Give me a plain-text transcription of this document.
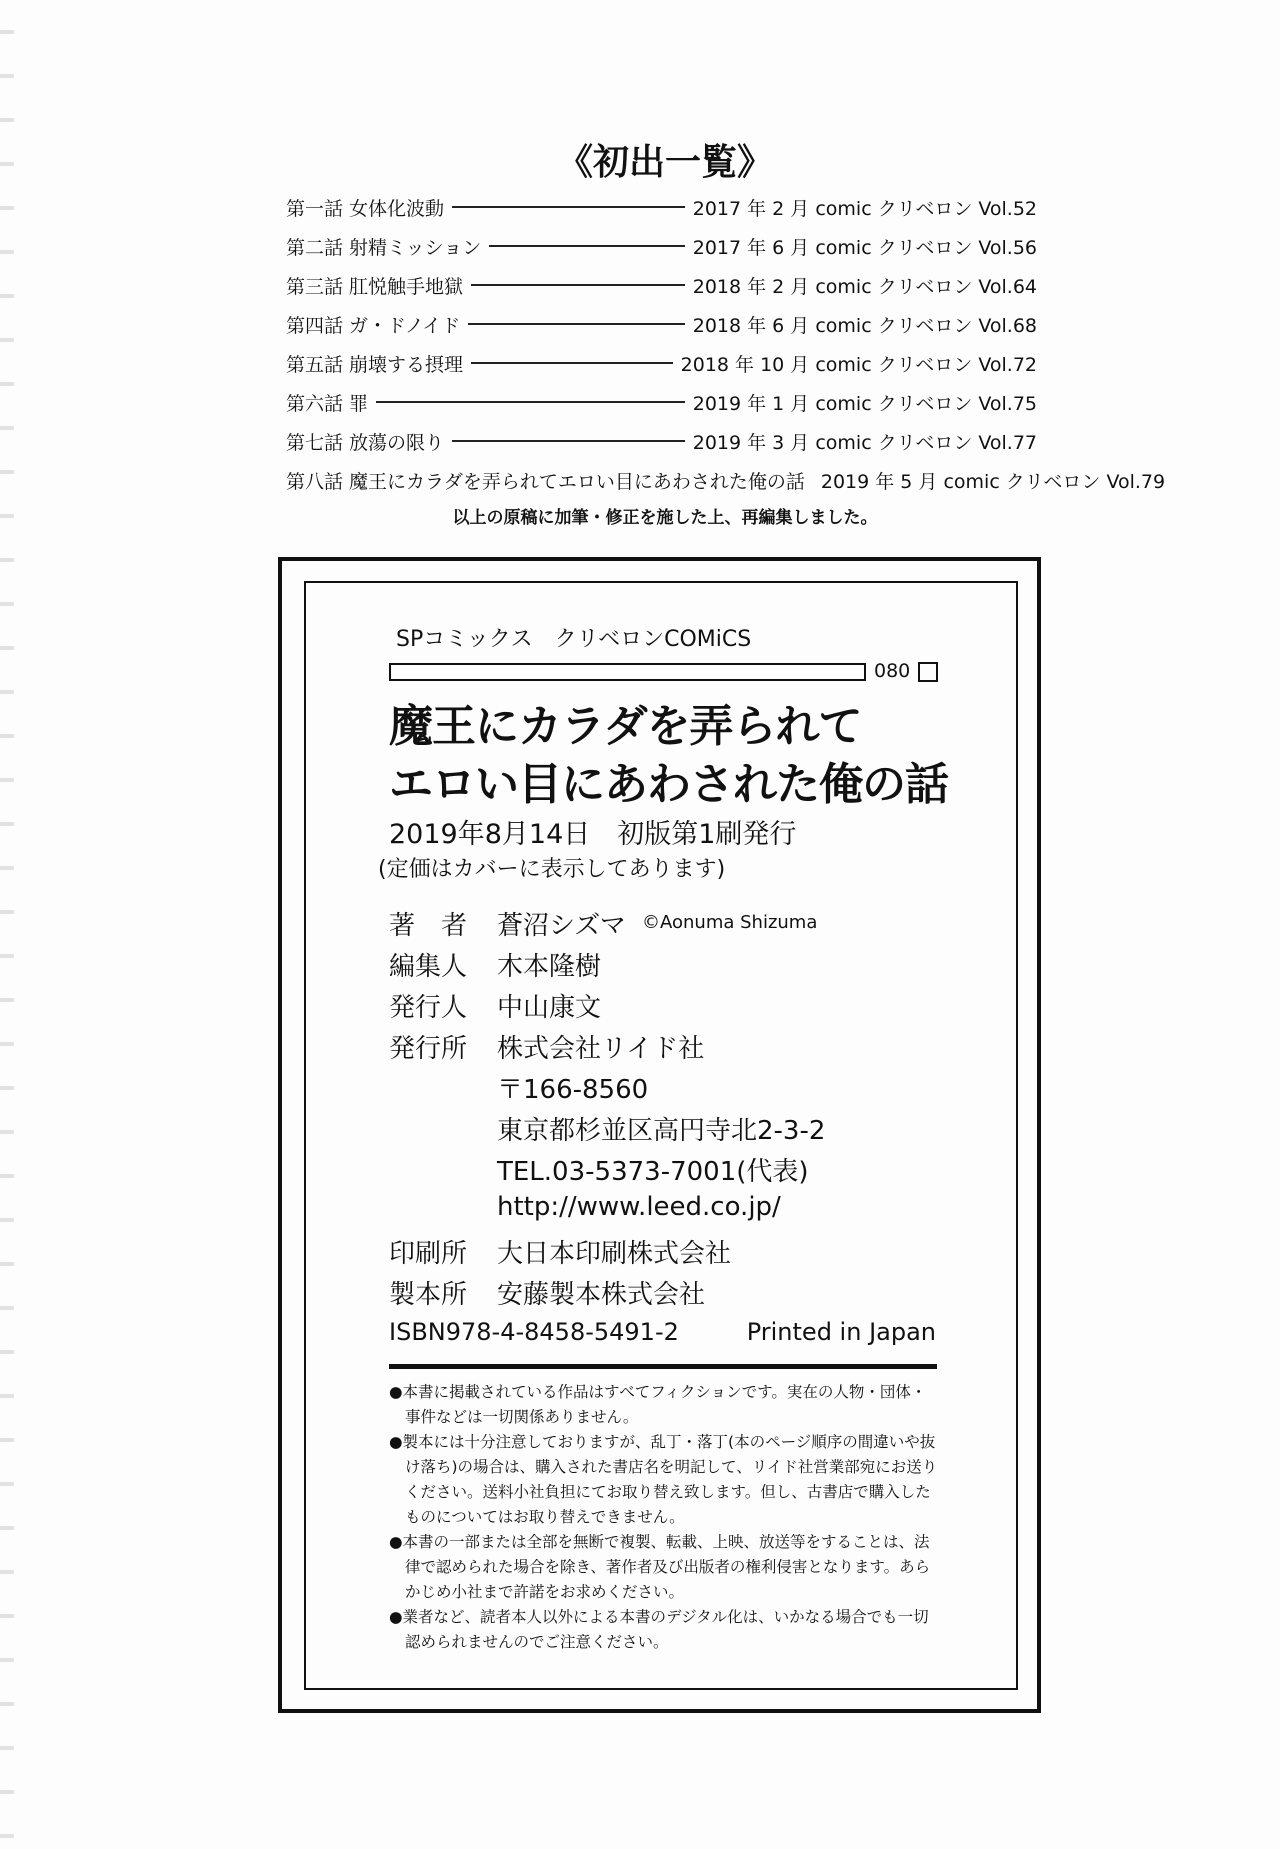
《初出一覧》
第一話 女体化波動	2017 年 2 月 comic クリベロン Vol.52
第二話 射精ミッション	2017 年 6 月 comic クリベロン Vol.56
第三話 肛悦触手地獄	2018 年 2 月 comic クリベロン Vol.64
第四話 ガ・ドノイド	2018 年 6 月 comic クリベロン Vol.68
第五話 崩壊する摂理	2018 年 10 月 comic クリベロン Vol.72
第六話 罪	2019 年 1 月 comic クリベロン Vol.75
第七話 放蕩の限り	2019 年 3 月 comic クリベロン Vol.77
第八話 魔王にカラダを弄られてエロい目にあわされた俺の話 2019 年 5 月 comic クリベロン Vol.79
以上の原稿に加筆・修正を施した上、再編集しました。
SPコミックス　クリベロンCOMiCS
080
魔王にカラダを弄られて
エロい目にあわされた俺の話
2019年8月14日　初版第1刷発行
(定価はカバーに表示してあります)
著　者 蒼沼シズマ ©Aonuma Shizuma
編集人 木本隆樹
発行人 中山康文
発行所 株式会社リイド社
〒166-8560
東京都杉並区高円寺北2-3-2
TEL.03-5373-7001(代表)
http://www.leed.co.jp/
印刷所 大日本印刷株式会社
製本所 安藤製本株式会社
ISBN978-4-8458-5491-2	Printed in Japan

●本書に掲載されている作品はすべてフィクションです。実在の人物・団体・事件などは一切関係ありません。

●製本には十分注意しておりますが、乱丁・落丁(本のページ順序の間違いや抜け落ち)の場合は、購入された書店名を明記して、リイド社営業部宛にお送りください。送料小社負担にてお取り替え致します。但し、古書店で購入したものについてはお取り替えできません。

●本書の一部または全部を無断で複製、転載、上映、放送等をすることは、法律で認められた場合を除き、著作者及び出版者の権利侵害となります。あらかじめ小社まで許諾をお求めください。

●業者など、読者本人以外による本書のデジタル化は、いかなる場合でも一切認められませんのでご注意ください。
